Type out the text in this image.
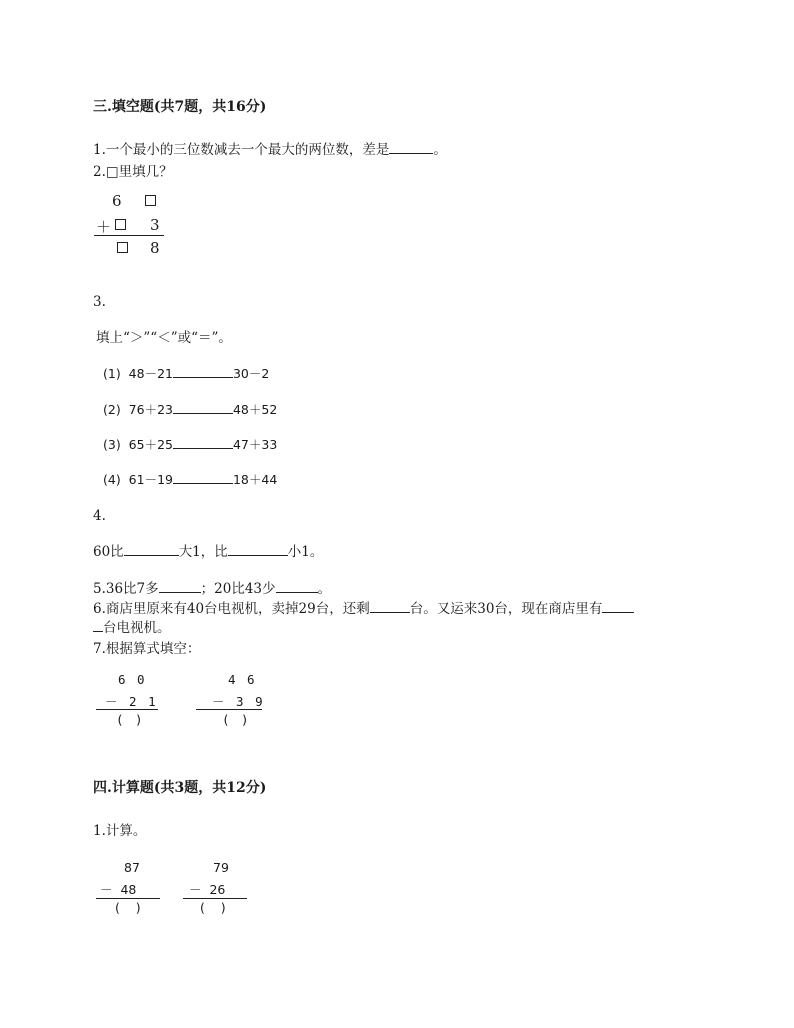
三.填空题(共7题，共16分)
1.一个最小的三位数减去一个最大的两位数，差是	。
2.□里填几？
6
＋	3
8
3.
填上“＞”“＜”或“＝”。
(1) 48－21	30－2
(2) 76＋23	48＋52
(3) 65＋25	47＋33
(4) 61－19	18＋44
4.
60比	大1，比	小1。
5.36比7多	；20比43少	。
6.商店里原来有40台电视机，卖掉29台，还剩	台。又运来30台，现在商店里有
台电视机。
7.根据算式填空：
6 0
－ 2 1
( )
4 6
－ 3 9
( )
四.计算题(共3题，共12分)
1.计算。
87
－  48
(    )
79
－  26
(    )
